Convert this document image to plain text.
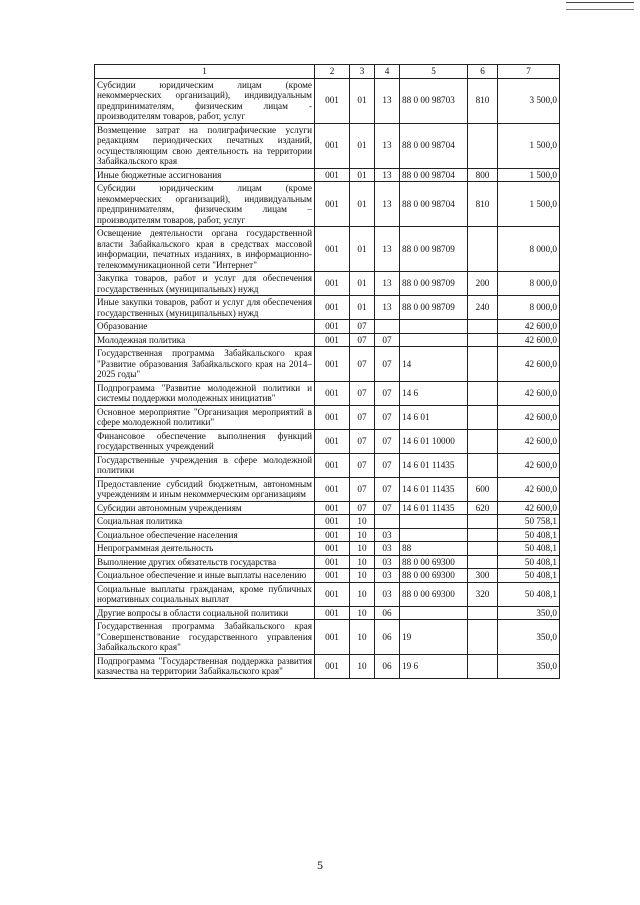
1	2	3	4	5	6	7
Субсидии юридическим лицам (кроме некоммерческих организаций), индивидуальным предпринимателям, физическим лицам - производителям товаров, работ, услуг	001	01	13	88 0 00 98703	810	3 500,0
Возмещение затрат на полиграфические услуги редакциям периодических печатных изданий, осуществляющим свою деятельность на территории Забайкальского края	001	01	13	88 0 00 98704		1 500,0
Иные бюджетные ассигнования	001	01	13	88 0 00 98704	800	1 500,0
Субсидии юридическим лицам (кроме некоммерческих организаций), индивидуальным предпринимателям, физическим лицам – производителям товаров, работ, услуг	001	01	13	88 0 00 98704	810	1 500,0
Освещение деятельности органа государственной власти Забайкальского края в средствах массовой информации, печатных изданиях, в информационно-телекоммуникационной сети "Интернет"	001	01	13	88 0 00 98709		8 000,0
Закупка товаров, работ и услуг для обеспечения государственных (муниципальных) нужд	001	01	13	88 0 00 98709	200	8 000,0
Иные закупки товаров, работ и услуг для обеспечения государственных (муниципальных) нужд	001	01	13	88 0 00 98709	240	8 000,0
Образование	001	07				42 600,0
Молодежная политика	001	07	07			42 600,0
Государственная программа Забайкальского края "Развитие образования Забайкальского края на 2014–2025 годы"	001	07	07	14		42 600,0
Подпрограмма "Развитие молодежной политики и системы поддержки молодежных инициатив"	001	07	07	14 6		42 600,0
Основное мероприятие "Организация мероприятий в сфере молодежной политики"	001	07	07	14 6 01		42 600,0
Финансовое обеспечение выполнения функций государственных учреждений	001	07	07	14 6 01 10000		42 600,0
Государственные учреждения в сфере молодежной политики	001	07	07	14 6 01 11435		42 600,0
Предоставление субсидий бюджетным, автономным учреждениям и иным некоммерческим организациям	001	07	07	14 6 01 11435	600	42 600,0
Субсидии автономным учреждениям	001	07	07	14 6 01 11435	620	42 600,0
Социальная политика	001	10				50 758,1
Социальное обеспечение населения	001	10	03			50 408,1
Непрограммная деятельность	001	10	03	88		50 408,1
Выполнение других обязательств государства	001	10	03	88 0 00 69300		50 408,1
Социальное обеспечение и иные выплаты населению	001	10	03	88 0 00 69300	300	50 408,1
Социальные выплаты гражданам, кроме публичных нормативных социальных выплат	001	10	03	88 0 00 69300	320	50 408,1
Другие вопросы в области социальной политики	001	10	06			350,0
Государственная программа Забайкальского края "Совершенствование государственного управления Забайкальского края"	001	10	06	19		350,0
Подпрограмма "Государственная поддержка развития казачества на территории Забайкальского края"	001	10	06	19 6		350,0
5
